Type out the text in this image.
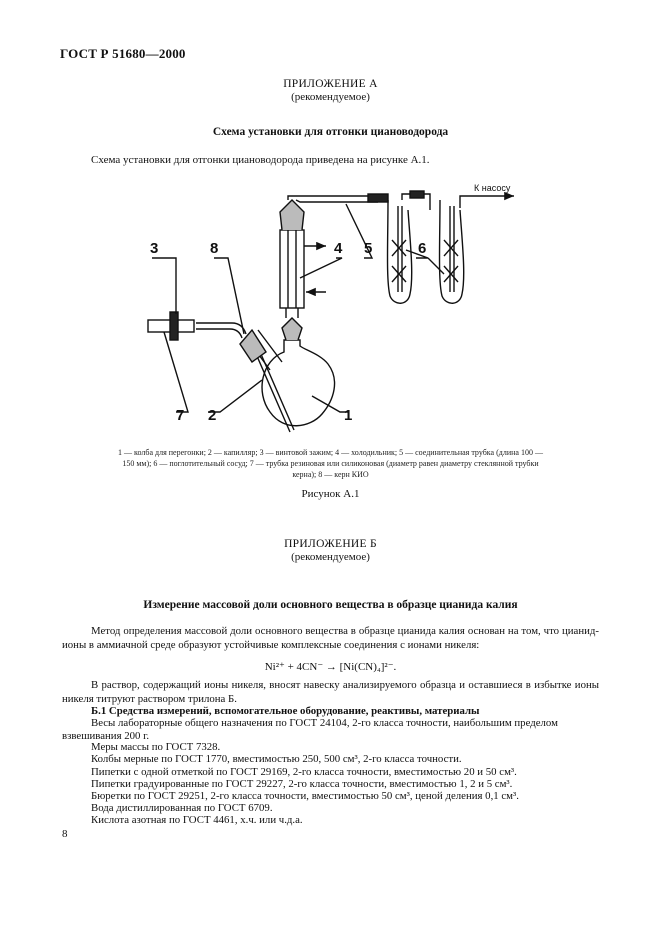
ГОСТ Р 51680—2000
ПРИЛОЖЕНИЕ А
(рекомендуемое)
Схема установки для отгонки циановодорода
Схема установки для отгонки циановодорода приведена на рисунке А.1.
3	8	4 5	6
7 2	1
К насосу
1 — колба для перегонки; 2 — капилляр; 3 — винтовой зажим; 4 — холодильник; 5 — соединительная трубка (длина 100 —
150 мм); 6 — поглотительный сосуд; 7 — трубка резиновая или силиконовая (диаметр равен диаметру стеклянной трубки
керна); 8 — керн КИО
Рисунок А.1
ПРИЛОЖЕНИЕ Б
(рекомендуемое)
Измерение массовой доли основного вещества в образце цианида калия
Метод определения массовой доли основного вещества в образце цианида калия основан на том, что цианид-ионы в аммиачной среде образуют устойчивые комплексные соединения с ионами никеля:
Ni²⁺ + 4CN⁻ → [Ni(CN)₄]²⁻.
В раствор, содержащий ионы никеля, вносят навеску анализируемого образца и оставшиеся в избытке ионы никеля титруют раствором трилона Б.
Б.1 Средства измерений, вспомогательное оборудование, реактивы, материалы
Весы лабораторные общего назначения по ГОСТ 24104, 2-го класса точности, наибольшим пределом взвешивания 200 г.
Меры массы по ГОСТ 7328.
Колбы мерные по ГОСТ 1770, вместимостью 250, 500 см³, 2-го класса точности.
Пипетки с одной отметкой по ГОСТ 29169, 2-го класса точности, вместимостью 20 и 50 см³.
Пипетки градуированные по ГОСТ 29227, 2-го класса точности, вместимостью 1, 2 и 5 см³.
Бюретки по ГОСТ 29251, 2-го класса точности, вместимостью 50 см³, ценой деления 0,1 см³.
Вода дистиллированная по ГОСТ 6709.
Кислота азотная по ГОСТ 4461, х.ч. или ч.д.а.
8
